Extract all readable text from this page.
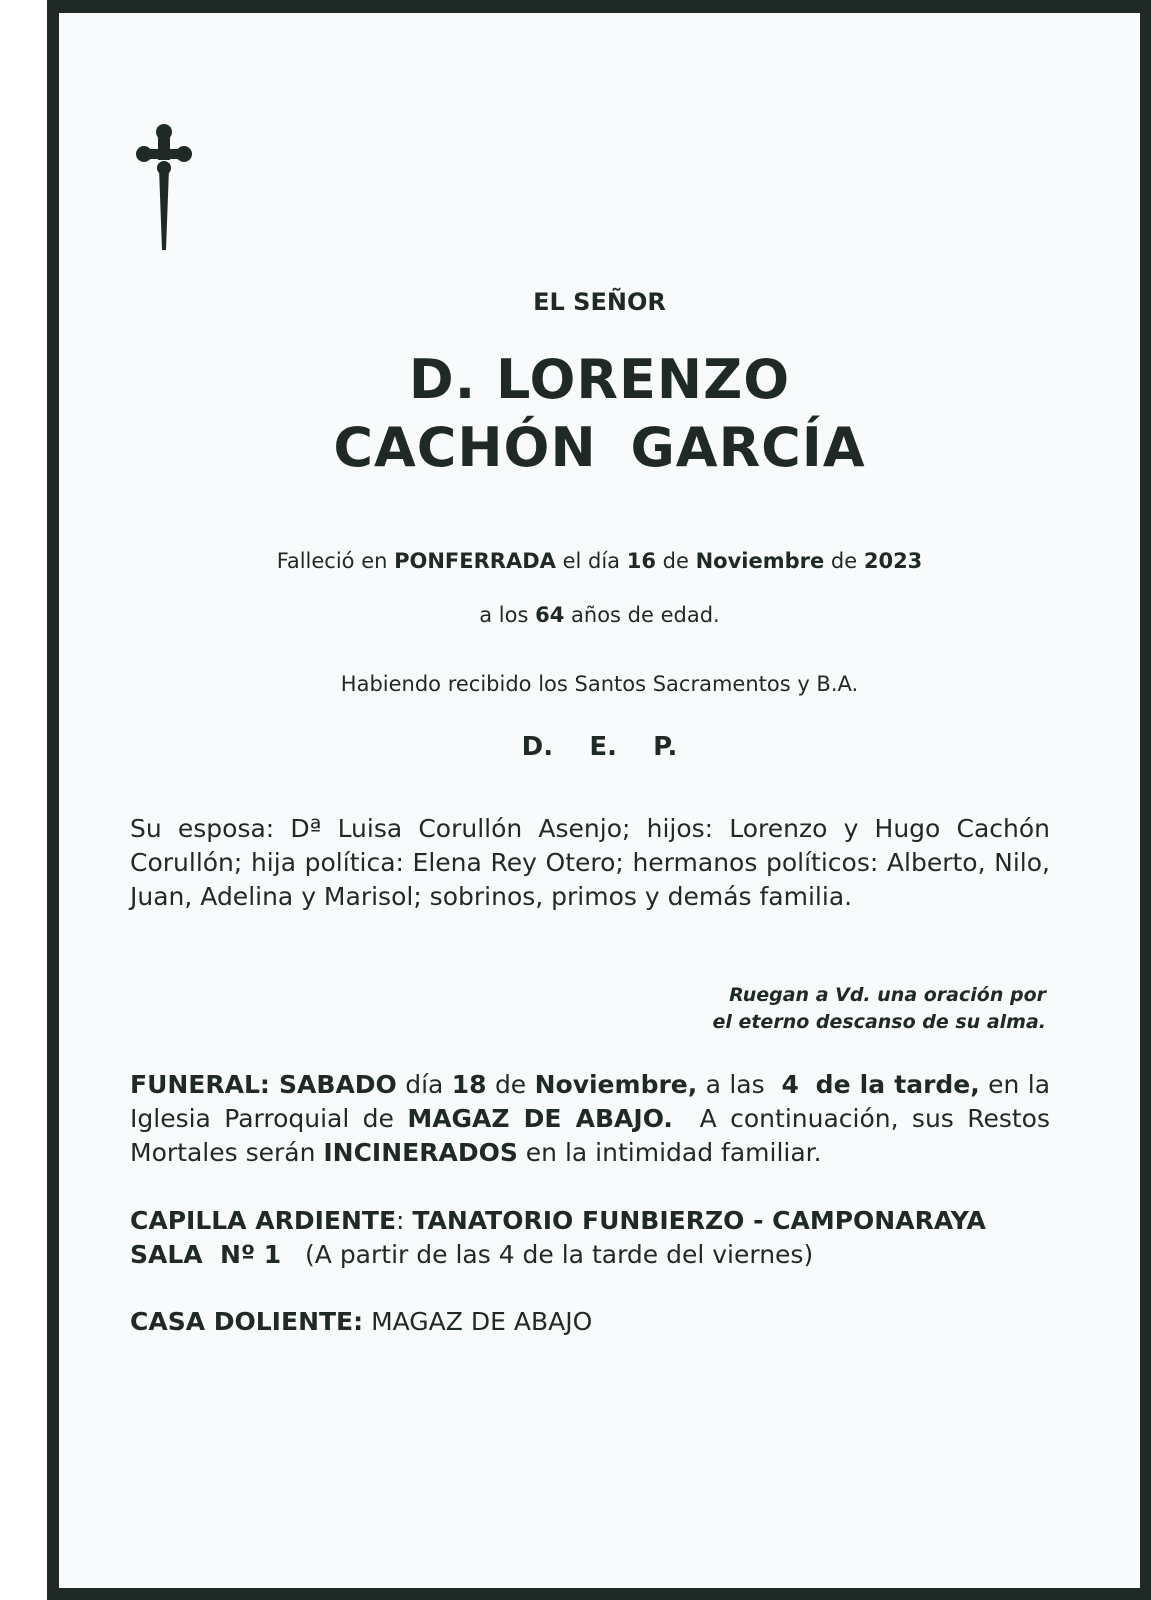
EL SEÑOR
D. LORENZO
CACHÓN GARCÍA
Falleció en PONFERRADA el día 16 de Noviembre de 2023
a los 64 años de edad.
Habiendo recibido los Santos Sacramentos y B.A.
D.    E.    P.
Su esposa: Dª Luisa Corullón Asenjo; hijos: Lorenzo y Hugo Cachón Corullón; hija política: Elena Rey Otero; hermanos políticos: Alberto, Nilo, Juan, Adelina y Marisol; sobrinos, primos y demás familia.
Ruegan a Vd. una oración por
el eterno descanso de su alma.
FUNERAL: SABADO día 18 de Noviembre, a las  4 de la tarde, en la Iglesia Parroquial de MAGAZ DE ABAJO.  A continuación, sus Restos Mortales serán INCINERADOS en la intimidad familiar.
CAPILLA ARDIENTE: TANATORIO FUNBIERZO - CAMPONARAYA
SALA  Nº 1   (A partir de las 4 de la tarde del viernes)
CASA DOLIENTE: MAGAZ DE ABAJO
